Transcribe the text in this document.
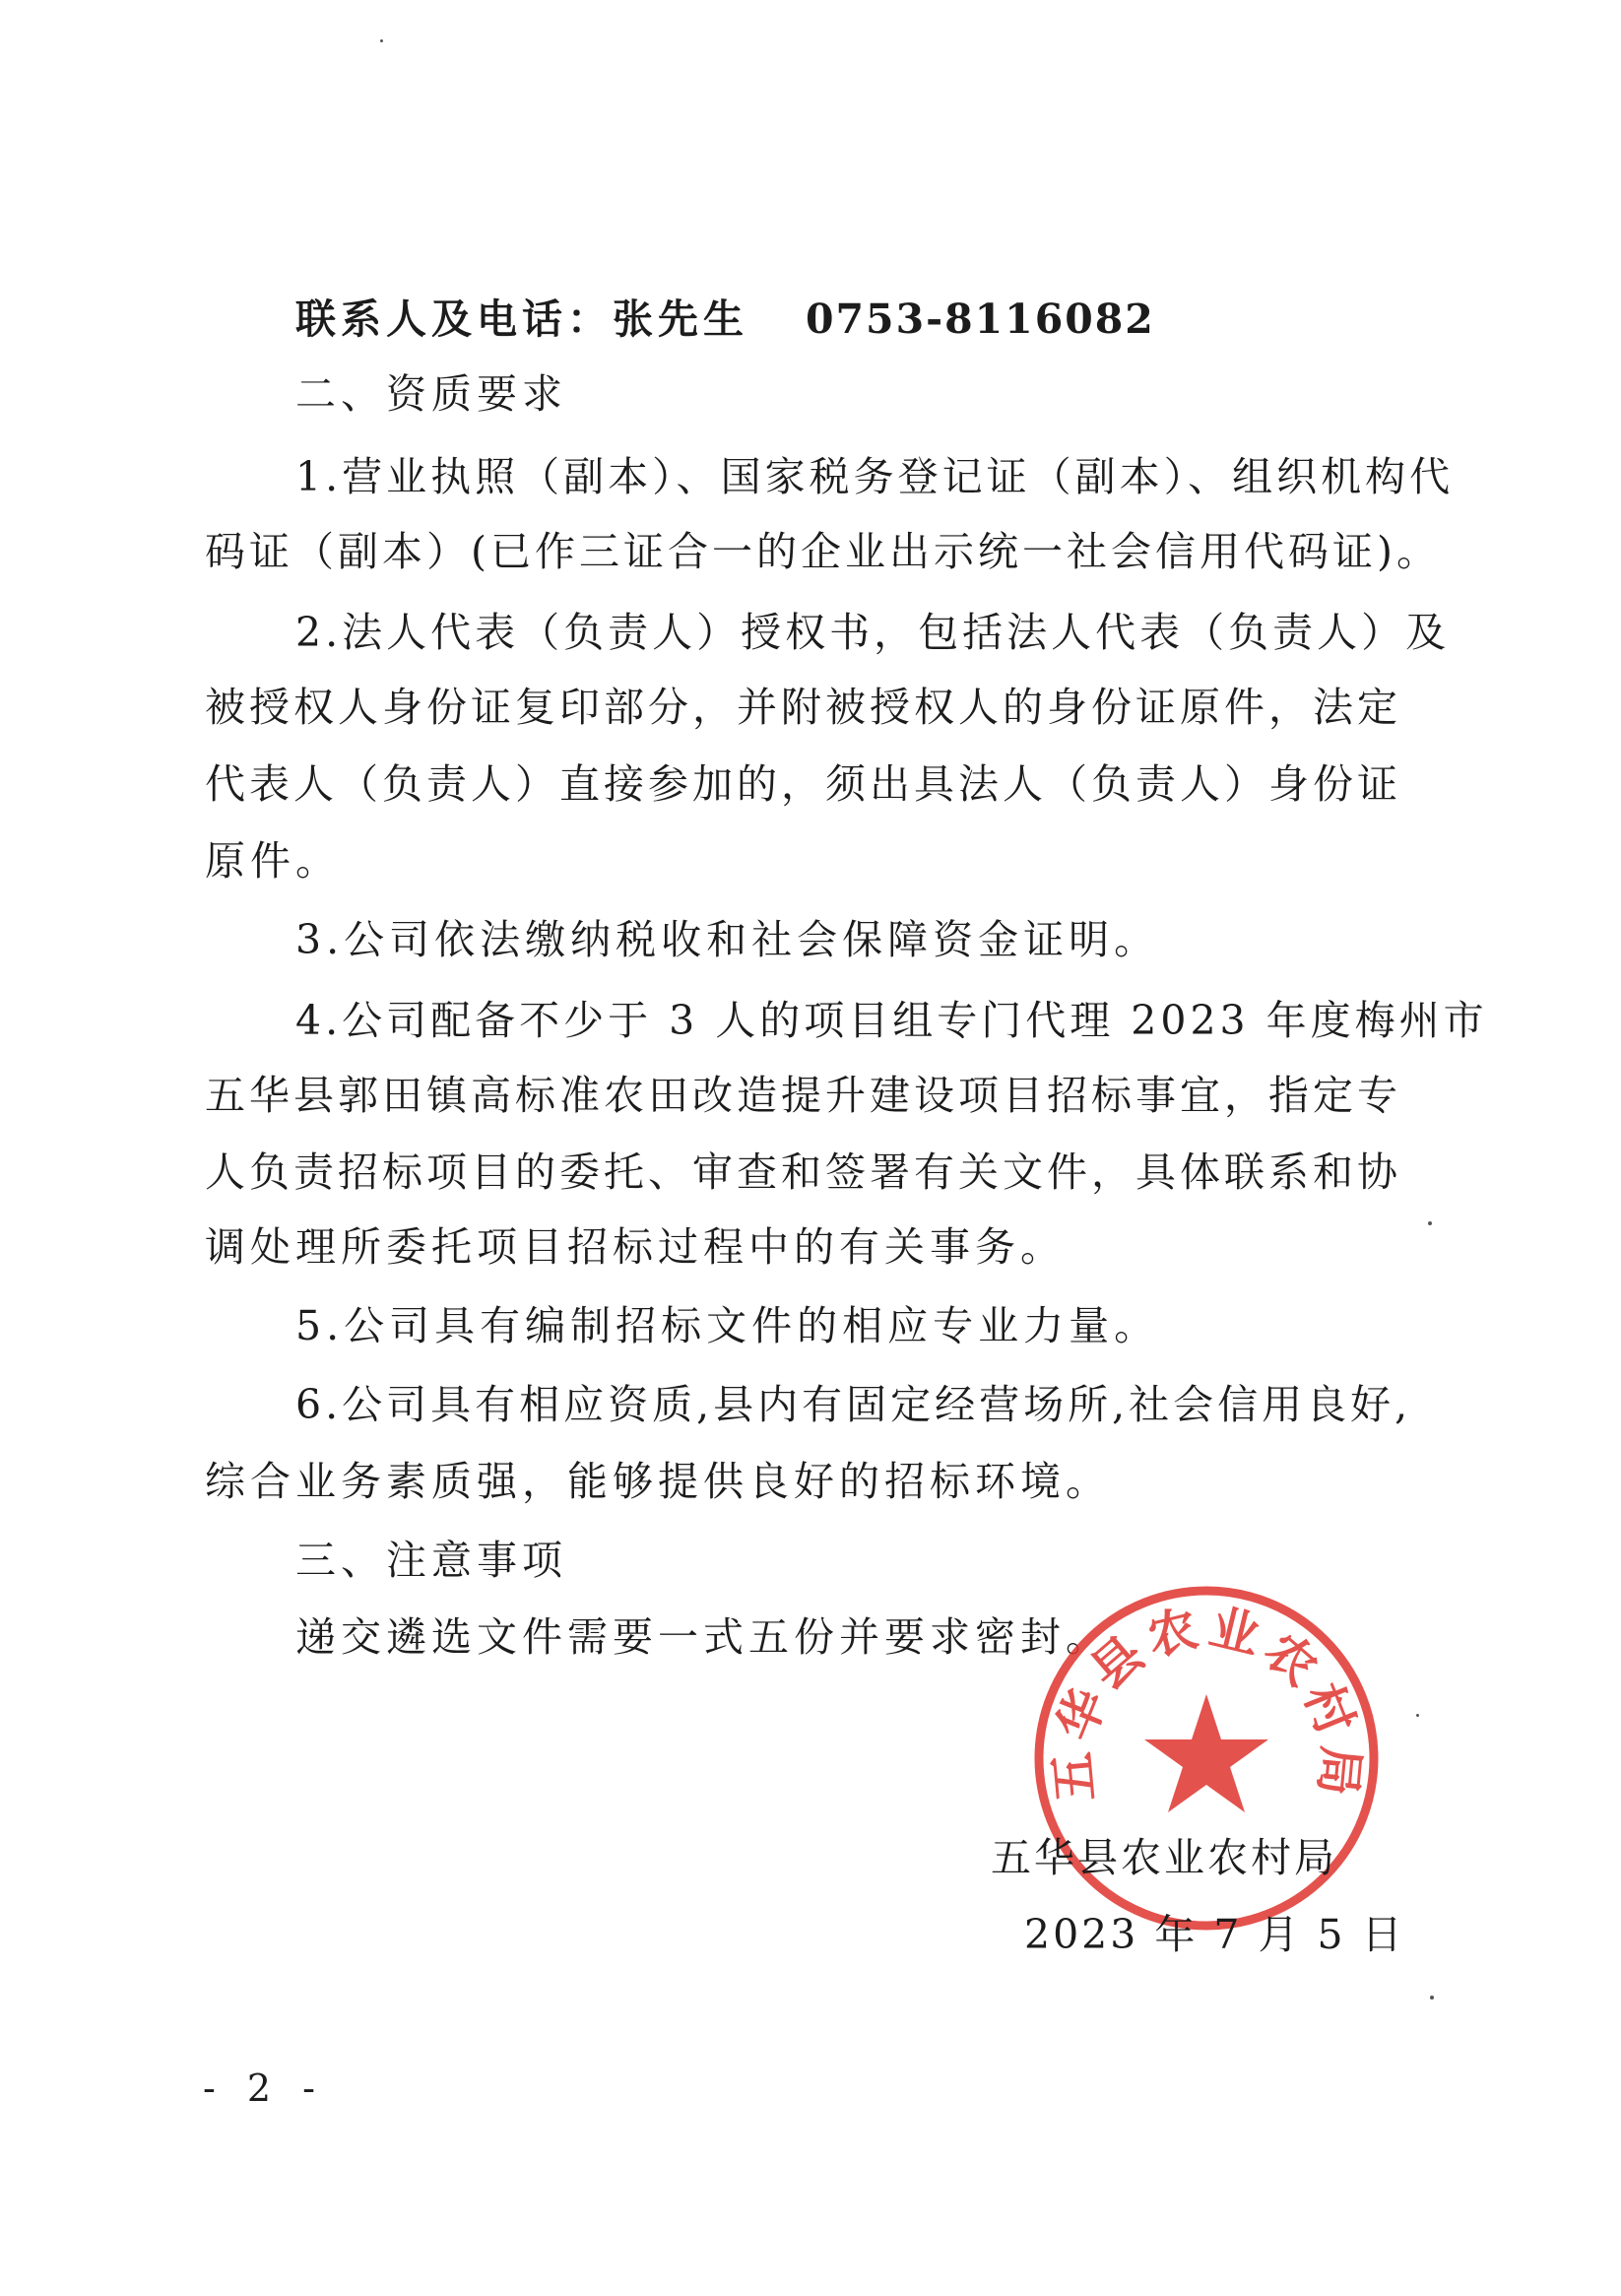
联系人及电话：张先生 0753-8116082
二、资质要求
1.营业执照（副本）、国家税务登记证（副本）、组织机构代
码证（副本）(已作三证合一的企业出示统一社会信用代码证)。
2.法人代表（负责人）授权书，包括法人代表（负责人）及
被授权人身份证复印部分，并附被授权人的身份证原件，法定
代表人（负责人）直接参加的，须出具法人（负责人）身份证
原件。
3.公司依法缴纳税收和社会保障资金证明。
4.公司配备不少于 3 人的项目组专门代理 2023 年度梅州市
五华县郭田镇高标准农田改造提升建设项目招标事宜，指定专
人负责招标项目的委托、审查和签署有关文件，具体联系和协
调处理所委托项目招标过程中的有关事务。
5.公司具有编制招标文件的相应专业力量。
6.公司具有相应资质,县内有固定经营场所,社会信用良好,
综合业务素质强，能够提供良好的招标环境。
三、注意事项
递交遴选文件需要一式五份并要求密封。
五华县农业农村局
五华县农业农村局
2023 年 7 月 5 日
- 2 -
